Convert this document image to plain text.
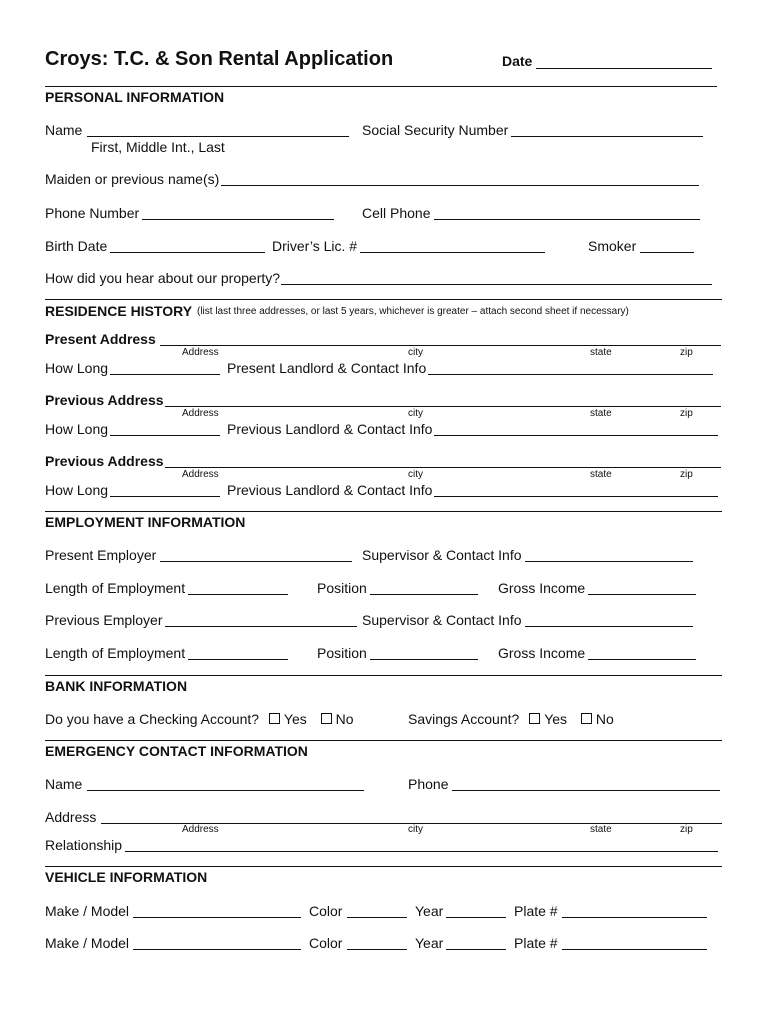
Croys: T.C. & Son Rental Application	Date
PERSONAL INFORMATION
Name	Social Security Number
First, Middle Int., Last
Maiden or previous name(s)
Phone Number	Cell Phone
Birth Date	Driver’s Lic. #	Smoker
How did you hear about our property?
RESIDENCE HISTORY (list last three addresses, or last 5 years, whichever is greater – attach second sheet if necessary)
Present Address
Address	city	state	zip
How Long	Present Landlord & Contact Info
Previous Address
Address	city	state	zip
How Long	Previous Landlord & Contact Info
Previous Address
Address	city	state	zip
How Long	Previous Landlord & Contact Info
EMPLOYMENT INFORMATION
Present Employer	Supervisor & Contact Info
Length of Employment	Position	Gross Income
Previous Employer	Supervisor & Contact Info
Length of Employment	Position	Gross Income
BANK INFORMATION
Do you have a Checking Account? Yes No	Savings Account? Yes No
EMERGENCY CONTACT INFORMATION
Name	Phone
Address
Address	city	state	zip
Relationship
VEHICLE INFORMATION
Make / Model	Color	Year	Plate #
Make / Model	Color	Year	Plate #
